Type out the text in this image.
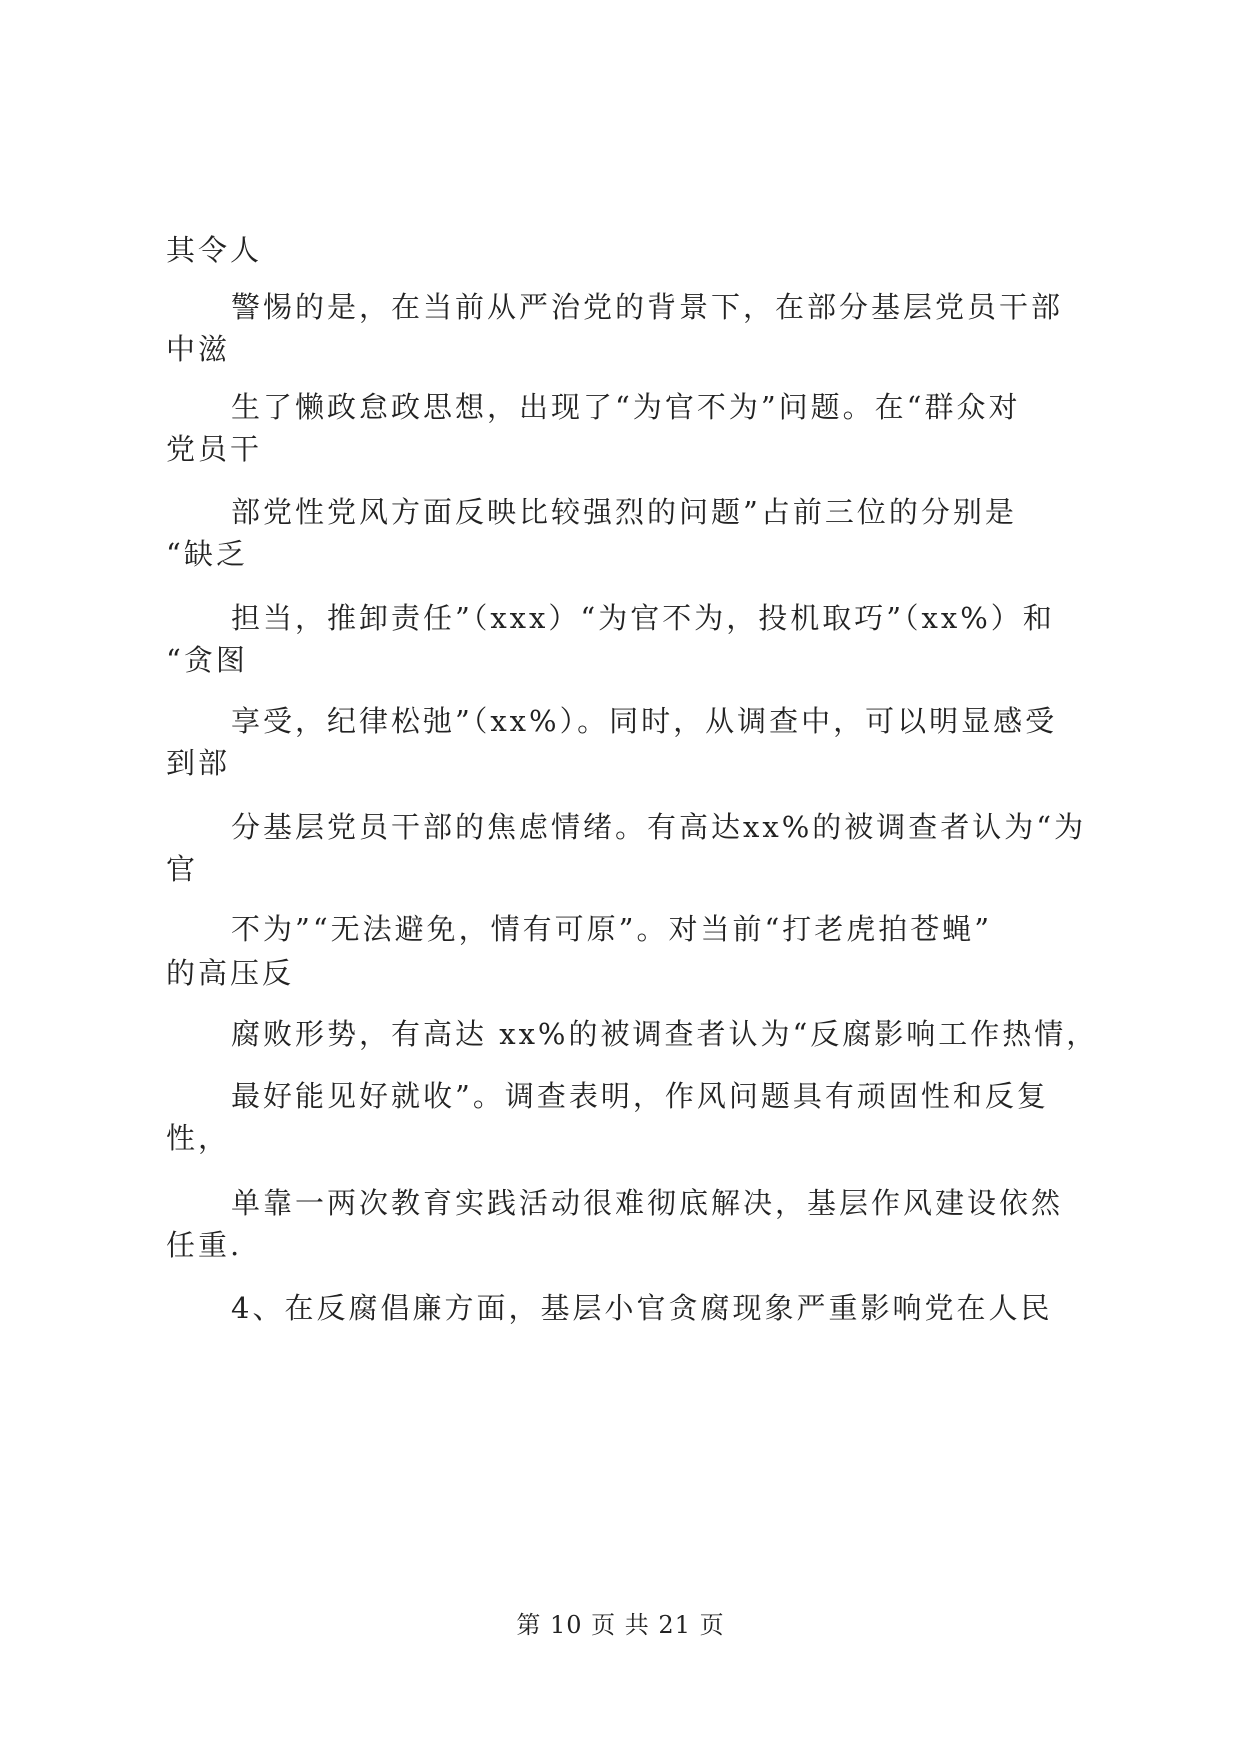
其令人
警惕的是，在当前从严治党的背景下，在部分基层党员干部
中滋
生了懒政怠政思想，出现了“为官不为”问题。在“群众对
党员干
部党性党风方面反映比较强烈的问题”占前三位的分别是
“缺乏
担当，推卸责任”（xxx）“为官不为，投机取巧”（xx%）和
“贪图
享受，纪律松弛”（xx%）。同时，从调查中，可以明显感受
到部
分基层党员干部的焦虑情绪。有高达xx%的被调查者认为“为
官
不为”“无法避免，情有可原”。对当前“打老虎拍苍蝇”
的高压反
腐败形势，有高达 xx%的被调查者认为“反腐影响工作热情，
最好能见好就收”。调查表明，作风问题具有顽固性和反复
性，
单靠一两次教育实践活动很难彻底解决，基层作风建设依然
任重.
4、在反腐倡廉方面，基层小官贪腐现象严重影响党在人民
第 10 页 共 21 页
